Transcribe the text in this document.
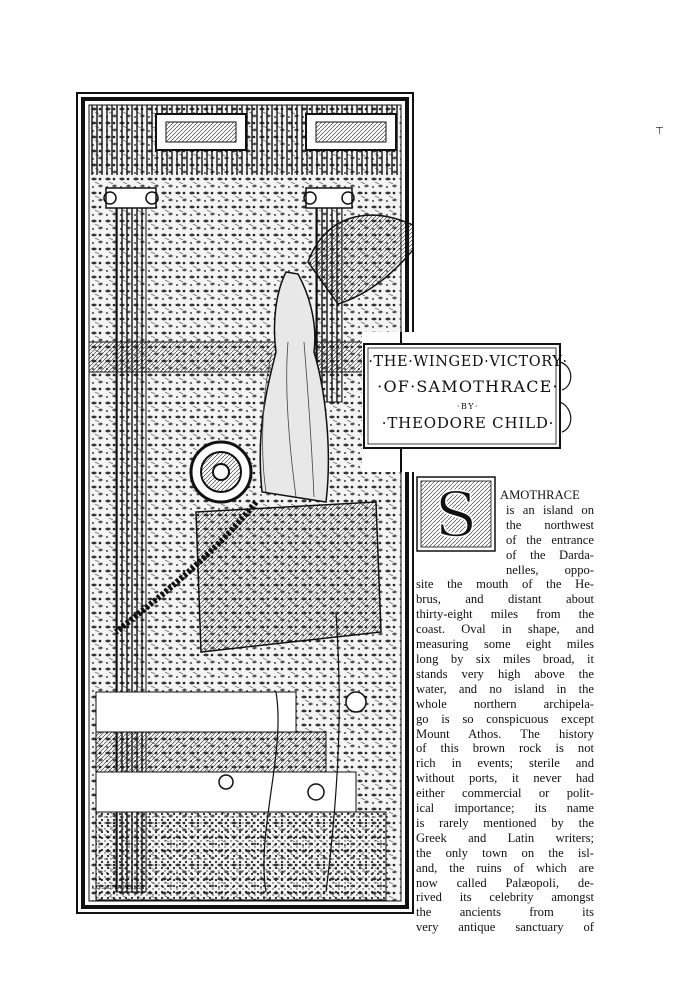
·THE·WINGED·VICTORY·
·OF·SAMOTHRACE·
·BY·
·THEODORE CHILD·
S AMOTHRACE
is an island on
the northwest
of the entrance
of the Darda-
nelles, oppo-
site the mouth of the He-
brus, and distant about
thirty-eight miles from the
coast. Oval in shape, and
measuring some eight miles
long by six miles broad, it
stands very high above the
water, and no island in the
whole northern archipela-
go is so conspicuous except
Mount Athos. The history
of this brown rock is not
rich in events; sterile and
without ports, it never had
either commercial or polit-
ical importance; its name
is rarely mentioned by the
Greek and Latin writers;
the only town on the isl-
and, the ruins of which are
now called Palæopoli, de-
rived its celebrity amongst
the ancients from its
very antique sanctuary of
L.O.SLOTER·MERSON
⊤
